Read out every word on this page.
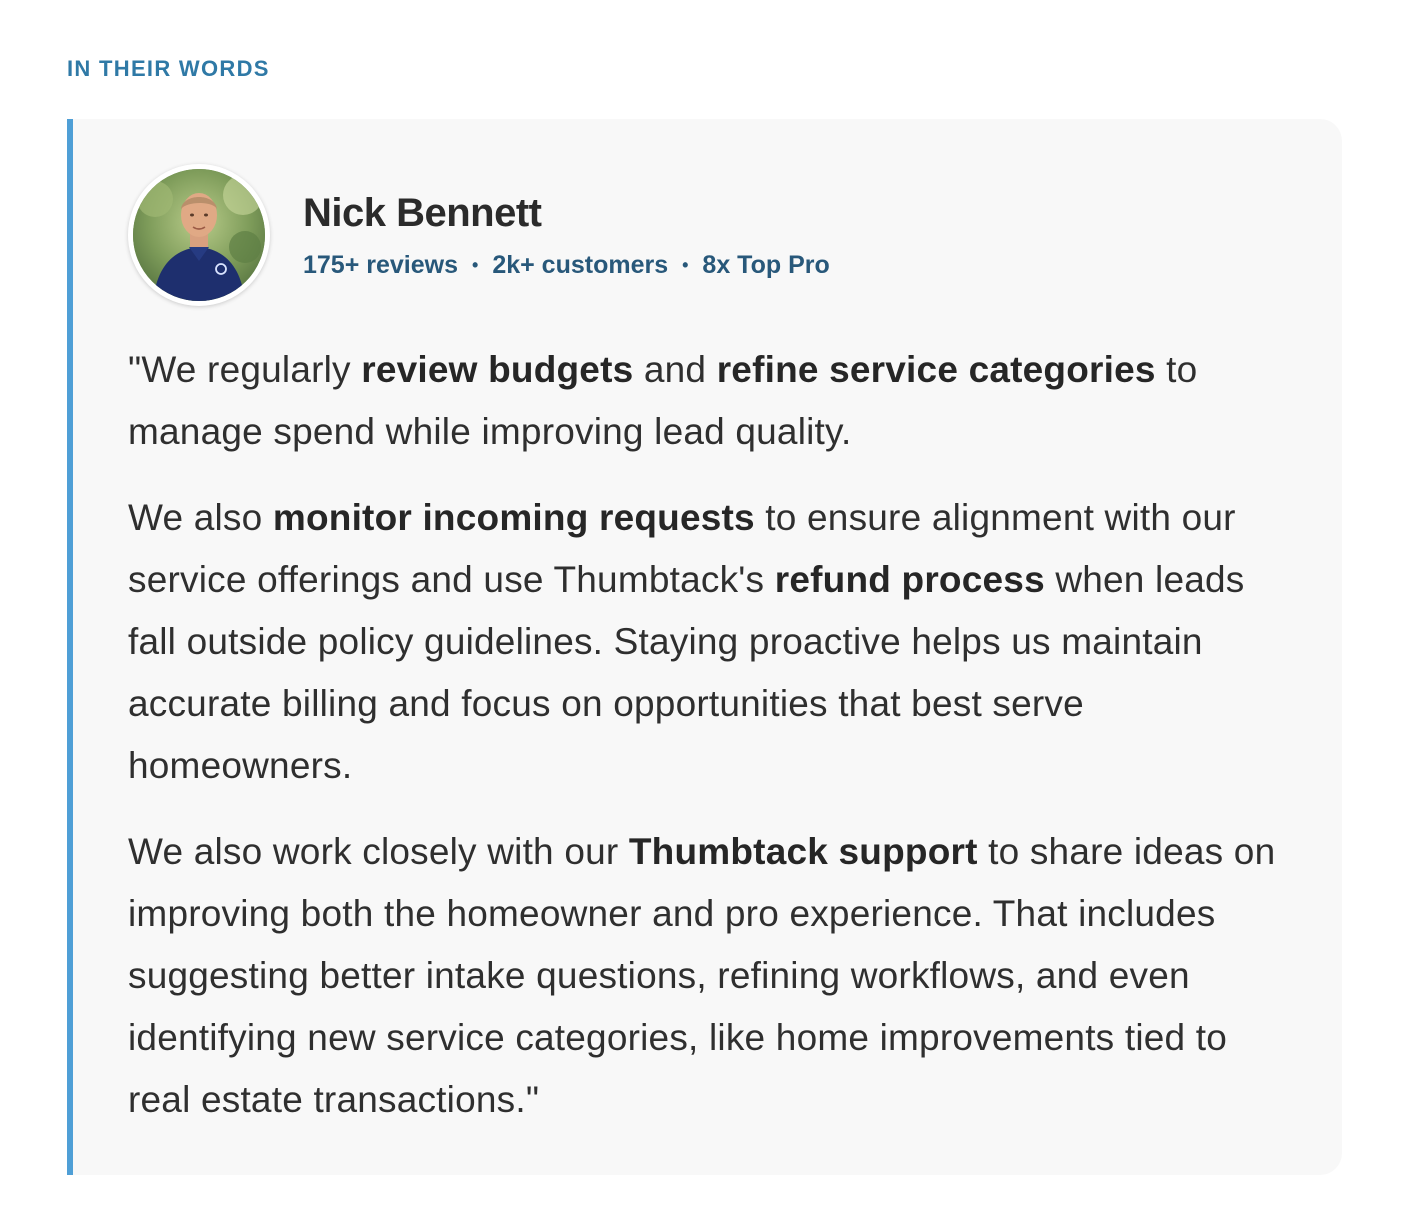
IN THEIR WORDS
Nick Bennett
175+ reviews • 2k+ customers • 8x Top Pro

"We regularly review budgets and refine service categories to manage spend while improving lead quality.

We also monitor incoming requests to ensure alignment with our service offerings and use Thumbtack's refund process when leads fall outside policy guidelines. Staying proactive helps us maintain accurate billing and focus on opportunities that best serve homeowners.

We also work closely with our Thumbtack support to share ideas on improving both the homeowner and pro experience. That includes suggesting better intake questions, refining workflows, and even identifying new service categories, like home improvements tied to real estate transactions."
